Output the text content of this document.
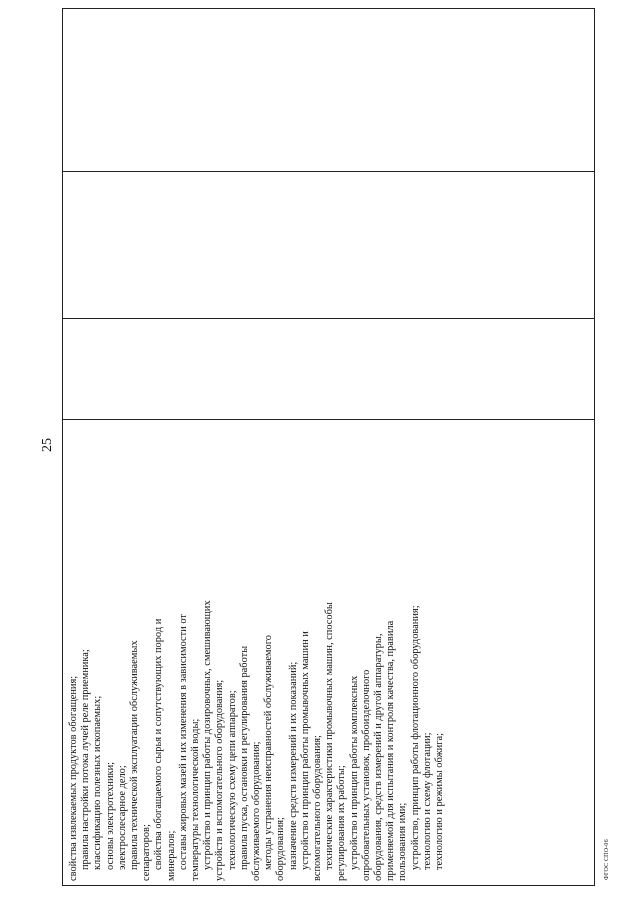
25
свойства извлекаемых продуктов обогащения; правила настройки потока лучей реле приемника; классификацию полезных ископаемых; основы электротехники; электрослесарное дело; правила технической эксплуатации обслуживаемых сепараторов; свойства обогащаемого сырья и сопутствующих пород и минералов; составы жировых мазей и их изменения в зависимости от температуры технологической воды; устройство и принцип работы дозировочных, смешивающих устройств и вспомогательного оборудования; технологическую схему цепи аппаратов; правила пуска, остановки и регулирования работы обслуживаемого оборудования; методы устранения неисправностей обслуживаемого оборудования; назначение средств измерений и их показаний; устройство и принцип работы промывочных машин и вспомогательного оборудования; технические характеристики промывочных машин, способы регулирования их работы; устройство и принцип работы комплексных опробовательных установок, пробоизделочного оборудования, средств измерений и другой аппаратуры, применяемой для испытания и контроля качества, правила пользования ими; устройство, принцип работы флотационного оборудования; технологию и схему флотации; технологию и режимы обжига;
				ФГОС СПО-06
